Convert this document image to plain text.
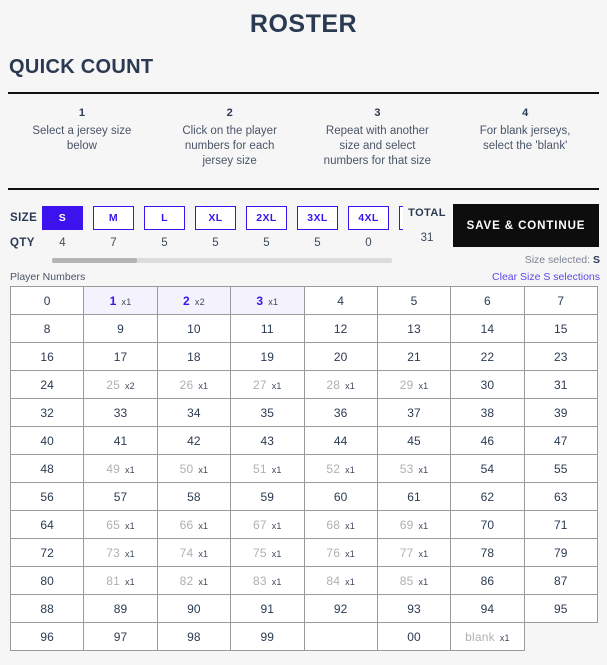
ROSTER
QUICK COUNT
1
Select a jersey size below
2
Click on the player numbers for each jersey size
3
Repeat with another size and select numbers for that size
4
For blank jerseys, select the 'blank'
SIZE	S	M	L	XL	2XL	3XL	4XL
QTY	4	7	5	5	5	5	0
TOTAL
31
SAVE & CONTINUE
Size selected: S
Clear Size S selections
Player Numbers
0	1 x1	2 x2	3 x1	4	5	6	7
8	9	10	11	12	13	14	15
16	17	18	19	20	21	22	23
24	25 x2	26 x1	27 x1	28 x1	29 x1	30	31
32	33	34	35	36	37	38	39
40	41	42	43	44	45	46	47
48	49 x1	50 x1	51 x1	52 x1	53 x1	54	55
56	57	58	59	60	61	62	63
64	65 x1	66 x1	67 x1	68 x1	69 x1	70	71
72	73 x1	74 x1	75 x1	76 x1	77 x1	78	79
80	81 x1	82 x1	83 x1	84 x1	85 x1	86	87
88	89	90	91	92	93	94	95
96	97	98	99		00	blank x1	
